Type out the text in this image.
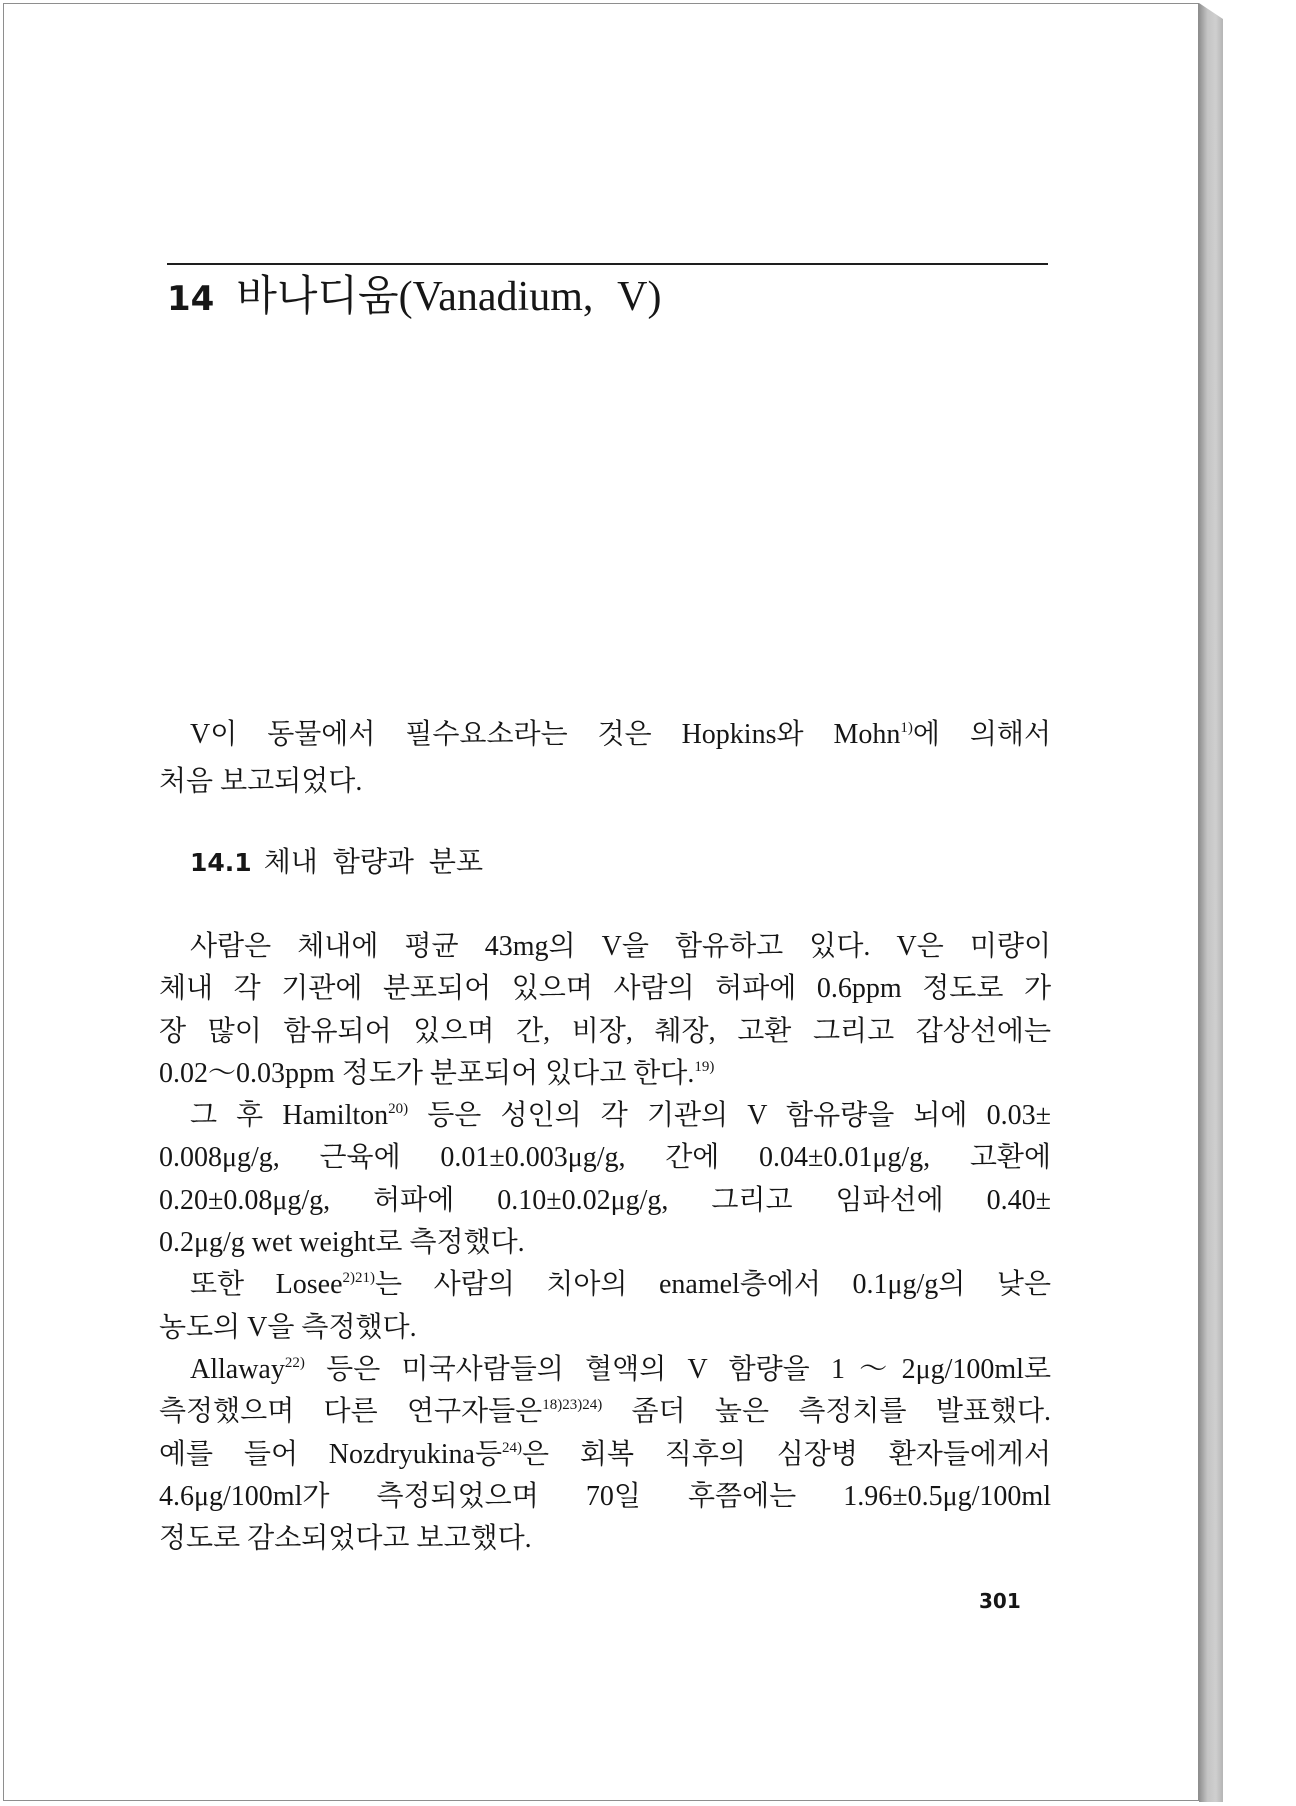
14 바나디움(Vanadium, V)
V이 동물에서 필수요소라는 것은 Hopkins와 Mohn$^{1)}$에 의해서
처음 보고되었다.
14.1 체내 함량과 분포
사람은 체내에 평균 43mg의 V을 함유하고 있다. V은 미량이
체내 각 기관에 분포되어 있으며 사람의 허파에 0.6ppm 정도로 가
장 많이 함유되어 있으며 간, 비장, 췌장, 고환 그리고 갑상선에는
0.02～0.03ppm 정도가 분포되어 있다고 한다.$^{19)}$
그 후 Hamilton$^{20)}$ 등은 성인의 각 기관의 V 함유량을 뇌에 0.03±
0.008μg/g, 근육에 0.01±0.003μg/g, 간에 0.04±0.01μg/g, 고환에
0.20±0.08μg/g, 허파에 0.10±0.02μg/g, 그리고 임파선에 0.40±
0.2μg/g wet weight로 측정했다.
또한 Losee$^{2)21)}$는 사람의 치아의 enamel층에서 0.1μg/g의 낮은
농도의 V을 측정했다.
Allaway$^{22)}$ 등은 미국사람들의 혈액의 V 함량을 1～2μg/100ml로
측정했으며 다른 연구자들은$^{18)23)24)}$ 좀더 높은 측정치를 발표했다.
예를 들어 Nozdryukina등$^{24)}$은 회복 직후의 심장병 환자들에게서
4.6μg/100ml가 측정되었으며 70일 후쯤에는 1.96±0.5μg/100ml
정도로 감소되었다고 보고했다.
301
